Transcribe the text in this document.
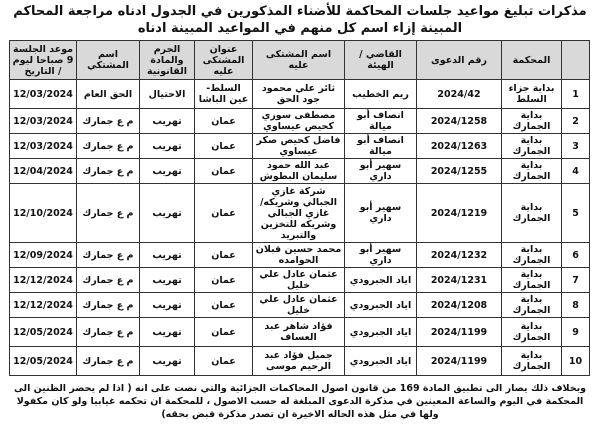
مذكرات تبليغ مواعيد جلسات المحاكمة للأضناء المذكورين في الجدول ادناه مراجعة المحاكم المبينة إزاء اسم كل منهم في المواعيد المبينة ادناه
	المحكمة	رقم الدعوى	القاضي / الهيئة	اسم المشتكى عليه	عنوان المشتكى عليه	الجرم والمادة القانونية	اسم المشتكي	موعد الجلسة 9 صباحا ليوم / التاريخ
1	بداية جزاء السلط	2024/42	ريم الخطيب	ثائر علي محمود جود الحق	السلط- عين الباشا	الاحتيال	الحق العام	12/03/2024
2	بداية الجمارك	2024/1258	انصاف أبو ميالة	مصطفى سوري كحيص عيساوي	عمان	تهريب	م ع جمارك	12/03/2024
3	بداية الجمارك	2024/1263	انصاف أبو ميالة	فاضل كحيص صكر عيساوي	عمان	تهريب	م ع جمارك	12/03/2024
4	بداية الجمارك	2024/1255	سهير أبو داري	عبد الله حمود سليمان البطوش	عمان	تهريب	م ع جمارك	12/04/2024
5	بداية الجمارك	2024/1219	سهير أبو داري	شركة غازي الجبالي وشريكه/غازي الجبالي وشريكه للتخزين والتبريد	عمان	تهريب	م ع جمارك	12/10/2024
6	بداية الجمارك	2024/1232	سهير أبو داري	محمد حسين قبلان الحوامده	عمان	تهريب	م ع جمارك	12/09/2024
7	بداية الجمارك	2024/1231	اياد الجبرودي	عثمان عادل علي خليل	عمان	تهريب	م ع جمارك	12/12/2024
8	بداية الجمارك	2024/1208	اياد الجبرودي	عثمان عادل علي خليل	عمان	تهريب	م ع جمارك	12/12/2024
9	بداية الجمارك	2024/1199	اياد الجبرودي	فؤاد شاهر عبد العساف	عمان	تهريب	م ع جمارك	12/05/2024
10	بداية الجمارك	2024/1199	اياد الجبرودي	جميل فؤاد عبد الرحيم موسى	عمان	تهريب	م ع جمارك	12/05/2024
وبخلاف ذلك يصار الى تطبيق المادة 169 من قانون اصول المحاكمات الجزائية والتي نصت على انه ( اذا لم يحضر الظنين الى المحكمة في اليوم والساعة المعينين في مذكرة الدعوى المبلغة له حسب الاصول ، للمحكمة ان تحكمه غيابيا ولو كان مكفولا ولها في مثل هذه الحاله الاخيرة ان تصدر مذكرة قبض بحقه)
